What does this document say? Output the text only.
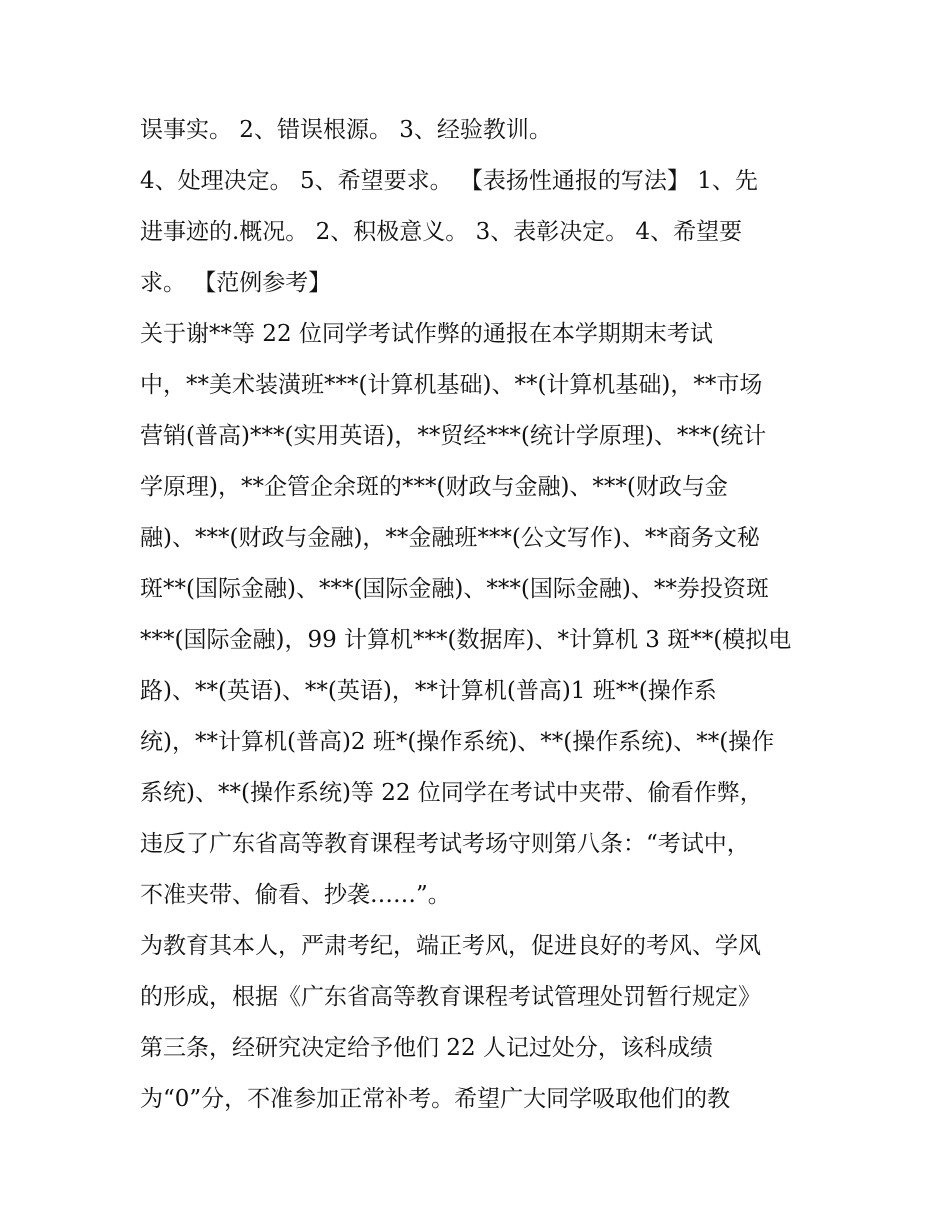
误事实。 2、错误根源。 3、经验教训。
4、处理决定。 5、希望要求。 【表扬性通报的写法】 1、先
进事迹的.概况。 2、积极意义。 3、表彰决定。 4、希望要
求。 【范例参考】
关于谢**等 22 位同学考试作弊的通报在本学期期末考试
中，**美术装潢班***(计算机基础)、**(计算机基础)，**市场
营销(普高)***(实用英语)，**贸经***(统计学原理)、***(统计
学原理)，**企管企余斑的***(财政与金融)、***(财政与金
融)、***(财政与金融)，**金融班***(公文写作)、**商务文秘
斑**(国际金融)、***(国际金融)、***(国际金融)、**券投资斑
***(国际金融)，99 计算机***(数据库)、*计算机 3 斑**(模拟电
路)、**(英语)、**(英语)，**计算机(普高)1 班**(操作系
统)，**计算机(普高)2 班*(操作系统)、**(操作系统)、**(操作
系统)、**(操作系统)等 22 位同学在考试中夹带、偷看作弊，
违反了广东省高等教育课程考试考场守则第八条：“考试中，
不准夹带、偷看、抄袭……”。
为教育其本人，严肃考纪，端正考风，促进良好的考风、学风
的形成，根据《广东省高等教育课程考试管理处罚暂行规定》
第三条，经研究决定给予他们 22 人记过处分，该科成绩
为“0”分，不准参加正常补考。希望广大同学吸取他们的教
